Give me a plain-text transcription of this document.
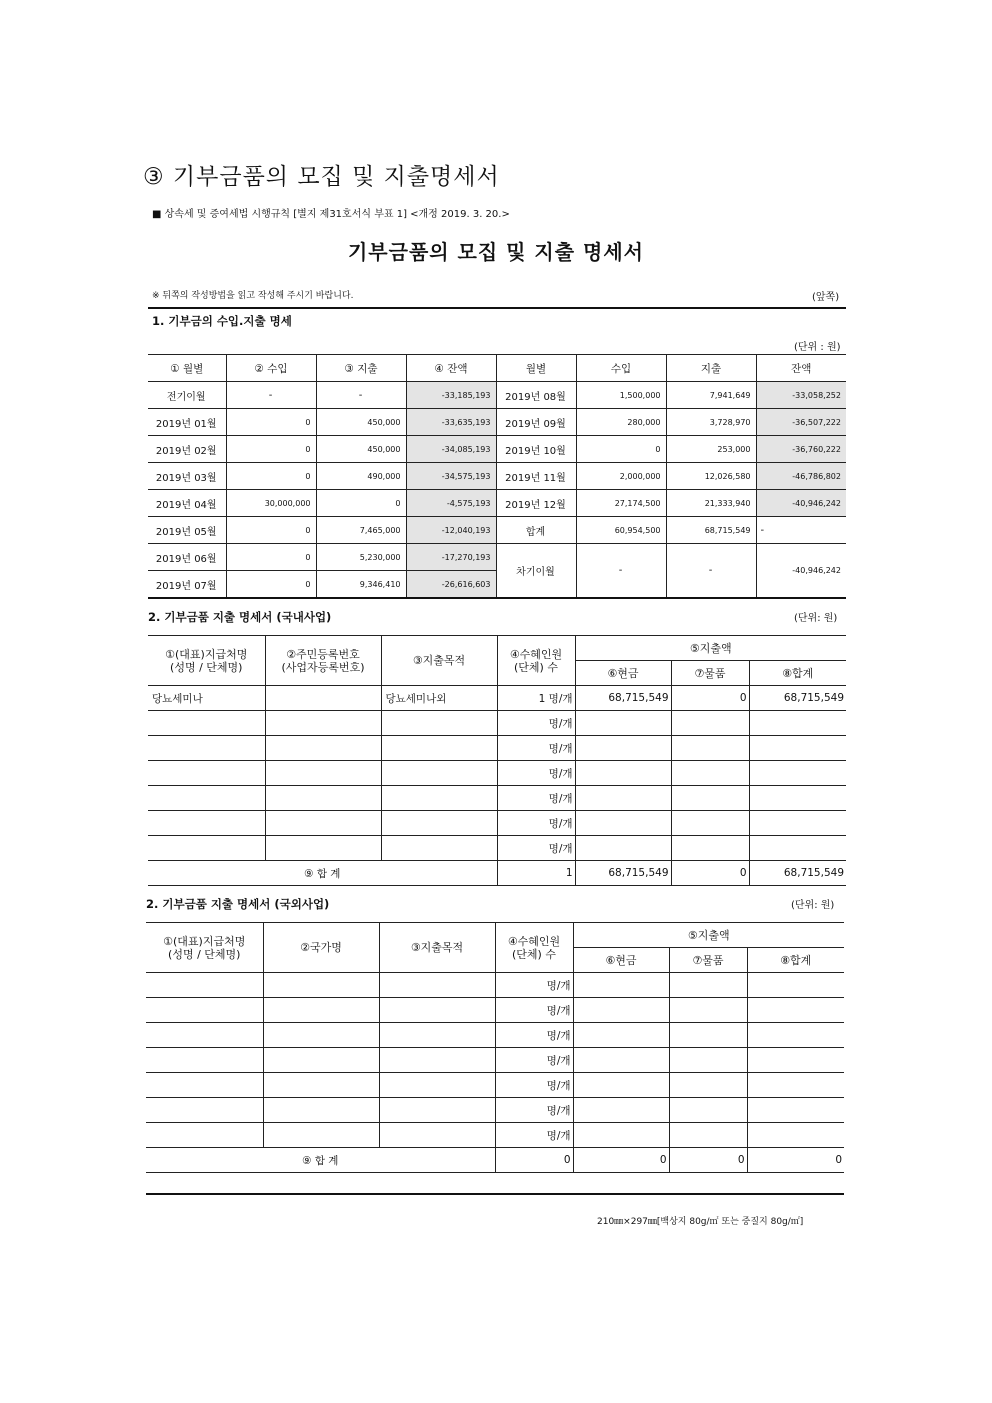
③ 기부금품의 모집 및 지출명세서
■ 상속세 및 증여세법 시행규칙 [별지 제31호서식 부표 1] <개정 2019. 3. 20.>
기부금품의 모집 및 지출 명세서
※ 뒤쪽의 작성방법을 읽고 작성해 주시기 바랍니다.	(앞쪽)
1. 기부금의 수입.지출 명세
(단위 : 원)
① 월별	② 수입	③ 지출	④ 잔액	월별	수입	지출	잔액
전기이월	-	-	-33,185,193	2019년 08월	1,500,000	7,941,649	-33,058,252
2019년 01월	0	450,000	-33,635,193	2019년 09월	280,000	3,728,970	-36,507,222
2019년 02월	0	450,000	-34,085,193	2019년 10월	0	253,000	-36,760,222
2019년 03월	0	490,000	-34,575,193	2019년 11월	2,000,000	12,026,580	-46,786,802
2019년 04월	30,000,000	0	-4,575,193	2019년 12월	27,174,500	21,333,940	-40,946,242
2019년 05월	0	7,465,000	-12,040,193	합계	60,954,500	68,715,549	-
2019년 06월	0	5,230,000	-17,270,193	차기이월	-	-	-40,946,242
2019년 07월	0	9,346,410	-26,616,603				
2. 기부금품 지출 명세서 (국내사업)	(단위: 원)
①(대표)지급처명
(성명 / 단체명)	②주민등록번호
(사업자등록번호)	③지출목적	④수혜인원
(단체) 수	⑤지출액		
				⑥현금	⑦물품	⑧합계
당뇨세미나		당뇨세미나외	1 명/개	68,715,549	0	68,715,549
			명/개			
			명/개			
			명/개			
			명/개			
			명/개			
			명/개			
⑨ 합 계			1	68,715,549	0	68,715,549
2. 기부금품 지출 명세서 (국외사업)	(단위: 원)
①(대표)지급처명
(성명 / 단체명)	②국가명	③지출목적	④수혜인원
(단체) 수	⑤지출액		
				⑥현금	⑦물품	⑧합계
			명/개			
			명/개			
			명/개			
			명/개			
			명/개			
			명/개			
			명/개			
⑨ 합 계			0	0	0	0
210㎜×297㎜[백상지 80g/㎡ 또는 중질지 80g/㎡]
